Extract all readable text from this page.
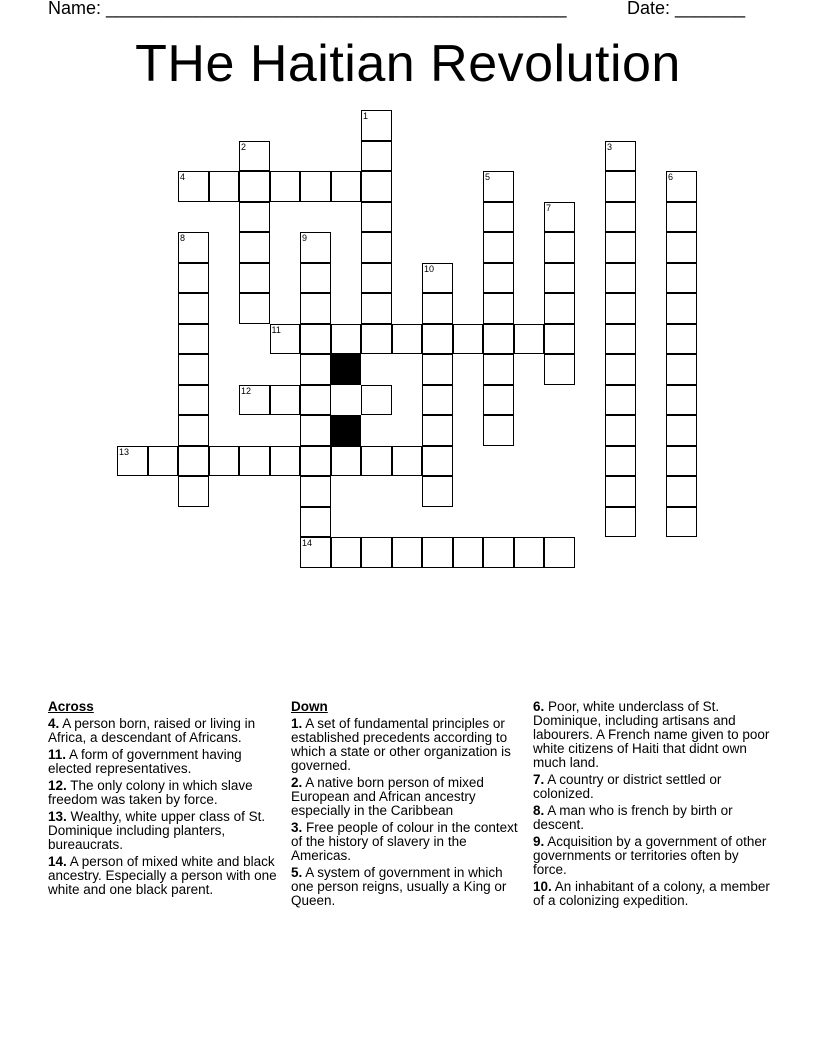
Name: ______________________________________________	Date: _______
THe Haitian Revolution
1
2	3
4	5	6
7
8	9
14
10
11
12
13
Across
4. A person born, raised or living in Africa, a descendant of Africans.
11. A form of government having elected representatives.
12. The only colony in which slave freedom was taken by force.
13. Wealthy, white upper class of St. Dominique including planters, bureaucrats.
14. A person of mixed white and black ancestry. Especially a person with one white and one black parent.
Down
1. A set of fundamental principles or established precedents according to which a state or other organization is governed.
2. A native born person of mixed European and African ancestry especially in the Caribbean
3. Free people of colour in the context of the history of slavery in the Americas.
5. A system of government in which one person reigns, usually a King or Queen.
6. Poor, white underclass of St. Dominique, including artisans and labourers. A French name given to poor white citizens of Haiti that didnt own much land.
7. A country or district settled or colonized.
8. A man who is french by birth or descent.
9. Acquisition by a government of other governments or territories often by force.
10. An inhabitant of a colony, a member of a colonizing expedition.
